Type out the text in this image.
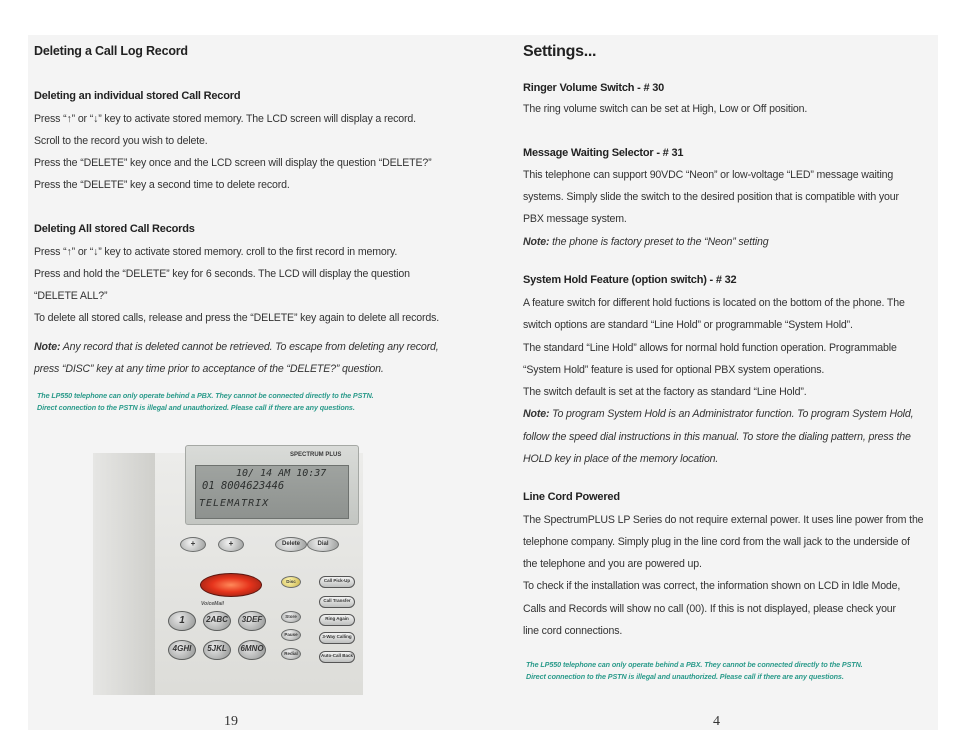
Deleting a Call Log Record
Deleting an individual stored Call Record

Press “↑” or “↓” key to activate stored memory. The LCD screen will display a record.

Scroll to the record you wish to delete.

Press the “DELETE” key once and the LCD screen will display the question “DELETE?”

Press the “DELETE” key a second time to delete record.

Deleting All stored Call Records

Press “↑” or “↓” key to activate stored memory. croll to the first record in memory.

Press and hold the “DELETE” key for 6 seconds. The LCD will display the question

“DELETE ALL?”

To delete all stored calls, release and press the “DELETE” key again to delete all records.

Note: Any record that is deleted cannot be retrieved. To escape from deleting any record,

press “DISC” key at any time prior to acceptance of the “DELETE?” question.

The LP550 telephone can only operate behind a PBX. They cannot be connected directly to the PSTN.

Direct connection to the PSTN is illegal and unauthorized. Please call if there are any questions.

19
SPECTRUM PLUS
10/ 14 AM 10:37
01 8004623446
TELEMATRIX
+	+	Delete	Dial
Disc
VoiceMail
Call Pick-Up
Call Transfer
Ring Again
3-Way Calling
Auto-Call Back
Store
Pause
Redial
1	2ABC	3DEF
4GHI	5JKL	6MNO
Settings...
Ringer Volume Switch - # 30

The ring volume switch can be set at High, Low or Off position.

Message Waiting Selector - # 31

This telephone can support 90VDC “Neon” or low-voltage “LED” message waiting

systems. Simply slide the switch to the desired position that is compatible with your

PBX message system.

Note: the phone is factory preset to the “Neon” setting

System Hold Feature (option switch) - # 32

A feature switch for different hold fuctions is located on the bottom of the phone. The

switch options are standard “Line Hold” or programmable “System Hold”.

The standard “Line Hold” allows for normal hold function operation. Programmable

“System Hold” feature is used for optional PBX system operations.

The switch default is set at the factory as standard “Line Hold”.

Note: To program System Hold is an Administrator function. To program System Hold,

follow the speed dial instructions in this manual. To store the dialing pattern, press the

HOLD key in place of the memory location.

Line Cord Powered

The SpectrumPLUS LP Series do not require external power. It uses line power from the

telephone company. Simply plug in the line cord from the wall jack to the underside of

the telephone and you are powered up.

To check if the installation was correct, the information shown on LCD in Idle Mode,

Calls and Records will show no call (00). If this is not displayed, please check your

line cord connections.

The LP550 telephone can only operate behind a PBX. They cannot be connected directly to the PSTN.

Direct connection to the PSTN is illegal and unauthorized. Please call if there are any questions.

4
